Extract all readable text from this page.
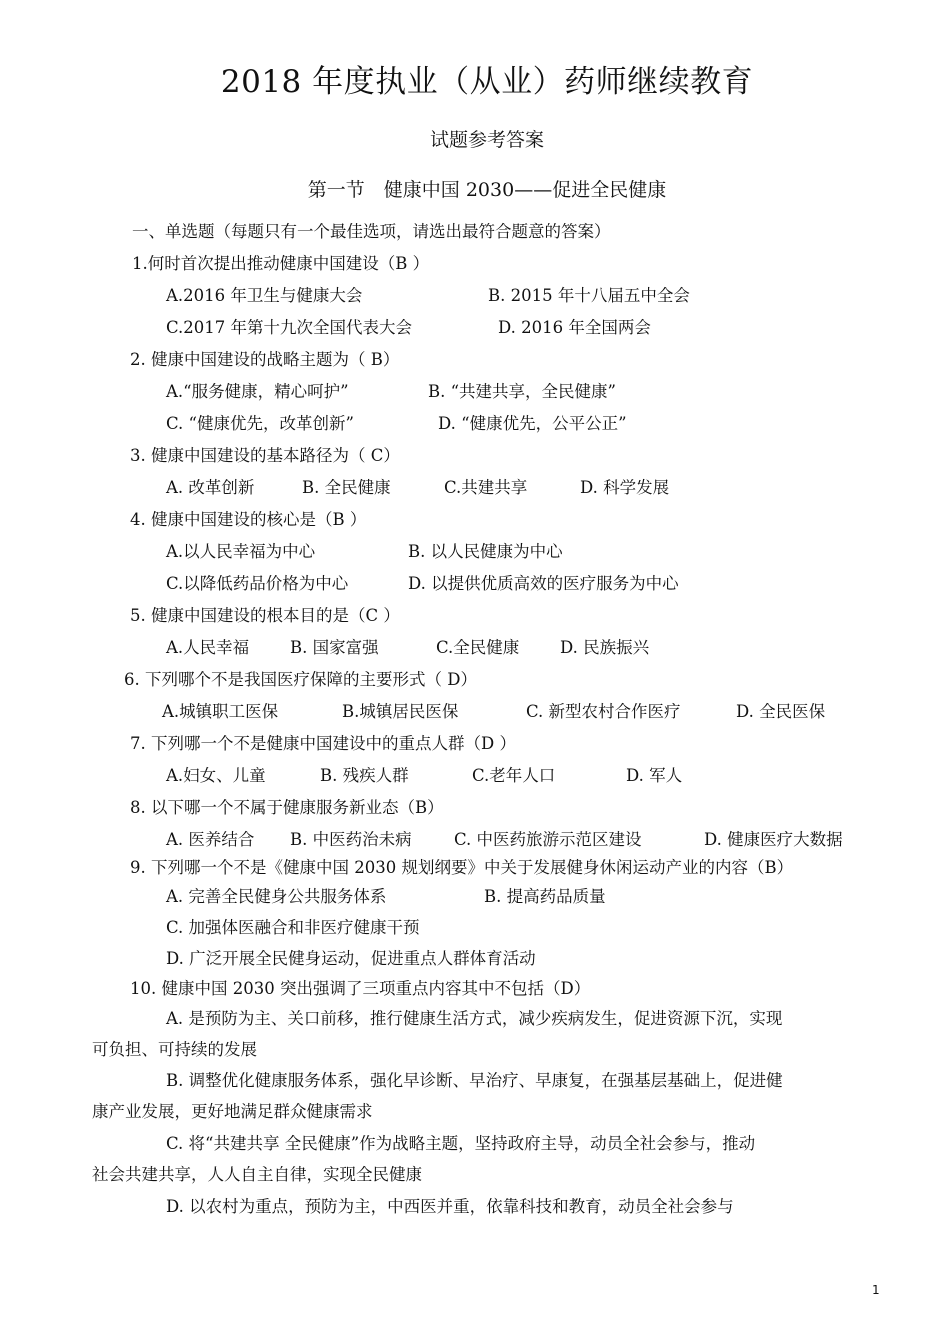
2018 年度执业（从业）药师继续教育
试题参考答案
第一节　健康中国 2030——促进全民健康
一、单选题（每题只有一个最佳选项，请选出最符合题意的答案）
1.何时首次提出推动健康中国建设（B ）
A.2016 年卫生与健康大会	B. 2015 年十八届五中全会
C.2017 年第十九次全国代表大会	D. 2016 年全国两会
2. 健康中国建设的战略主题为（ B）
A.“服务健康，精心呵护”	B. “共建共享，全民健康”
C. “健康优先，改革创新”	D. “健康优先，公平公正”
3. 健康中国建设的基本路径为（ C）
A. 改革创新	B. 全民健康	C.共建共享	D. 科学发展
4. 健康中国建设的核心是（B ）
A.以人民幸福为中心	B. 以人民健康为中心
C.以降低药品价格为中心	D. 以提供优质高效的医疗服务为中心
5. 健康中国建设的根本目的是（C ）
A.人民幸福 B. 国家富强	C.全民健康 D. 民族振兴
6. 下列哪个不是我国医疗保障的主要形式（ D）
A.城镇职工医保	B.城镇居民医保	C. 新型农村合作医疗	D. 全民医保
7. 下列哪一个不是健康中国建设中的重点人群（D ）
A.妇女、儿童	B. 残疾人群	C.老年人口	D. 军人
8. 以下哪一个不属于健康服务新业态（B）
A. 医养结合 B. 中医药治未病	C. 中医药旅游示范区建设	D. 健康医疗大数据
9. 下列哪一个不是《健康中国 2030 规划纲要》中关于发展健身休闲运动产业的内容（B）
A. 完善全民健身公共服务体系	B. 提高药品质量
C. 加强体医融合和非医疗健康干预
D. 广泛开展全民健身运动，促进重点人群体育活动
10. 健康中国 2030 突出强调了三项重点内容其中不包括（D）
A. 是预防为主、关口前移，推行健康生活方式，减少疾病发生，促进资源下沉，实现
可负担、可持续的发展
B. 调整优化健康服务体系，强化早诊断、早治疗、早康复，在强基层基础上，促进健
康产业发展，更好地满足群众健康需求
C. 将“共建共享 全民健康”作为战略主题，坚持政府主导，动员全社会参与，推动
社会共建共享，人人自主自律，实现全民健康
D. 以农村为重点，预防为主，中西医并重，依靠科技和教育，动员全社会参与
1
